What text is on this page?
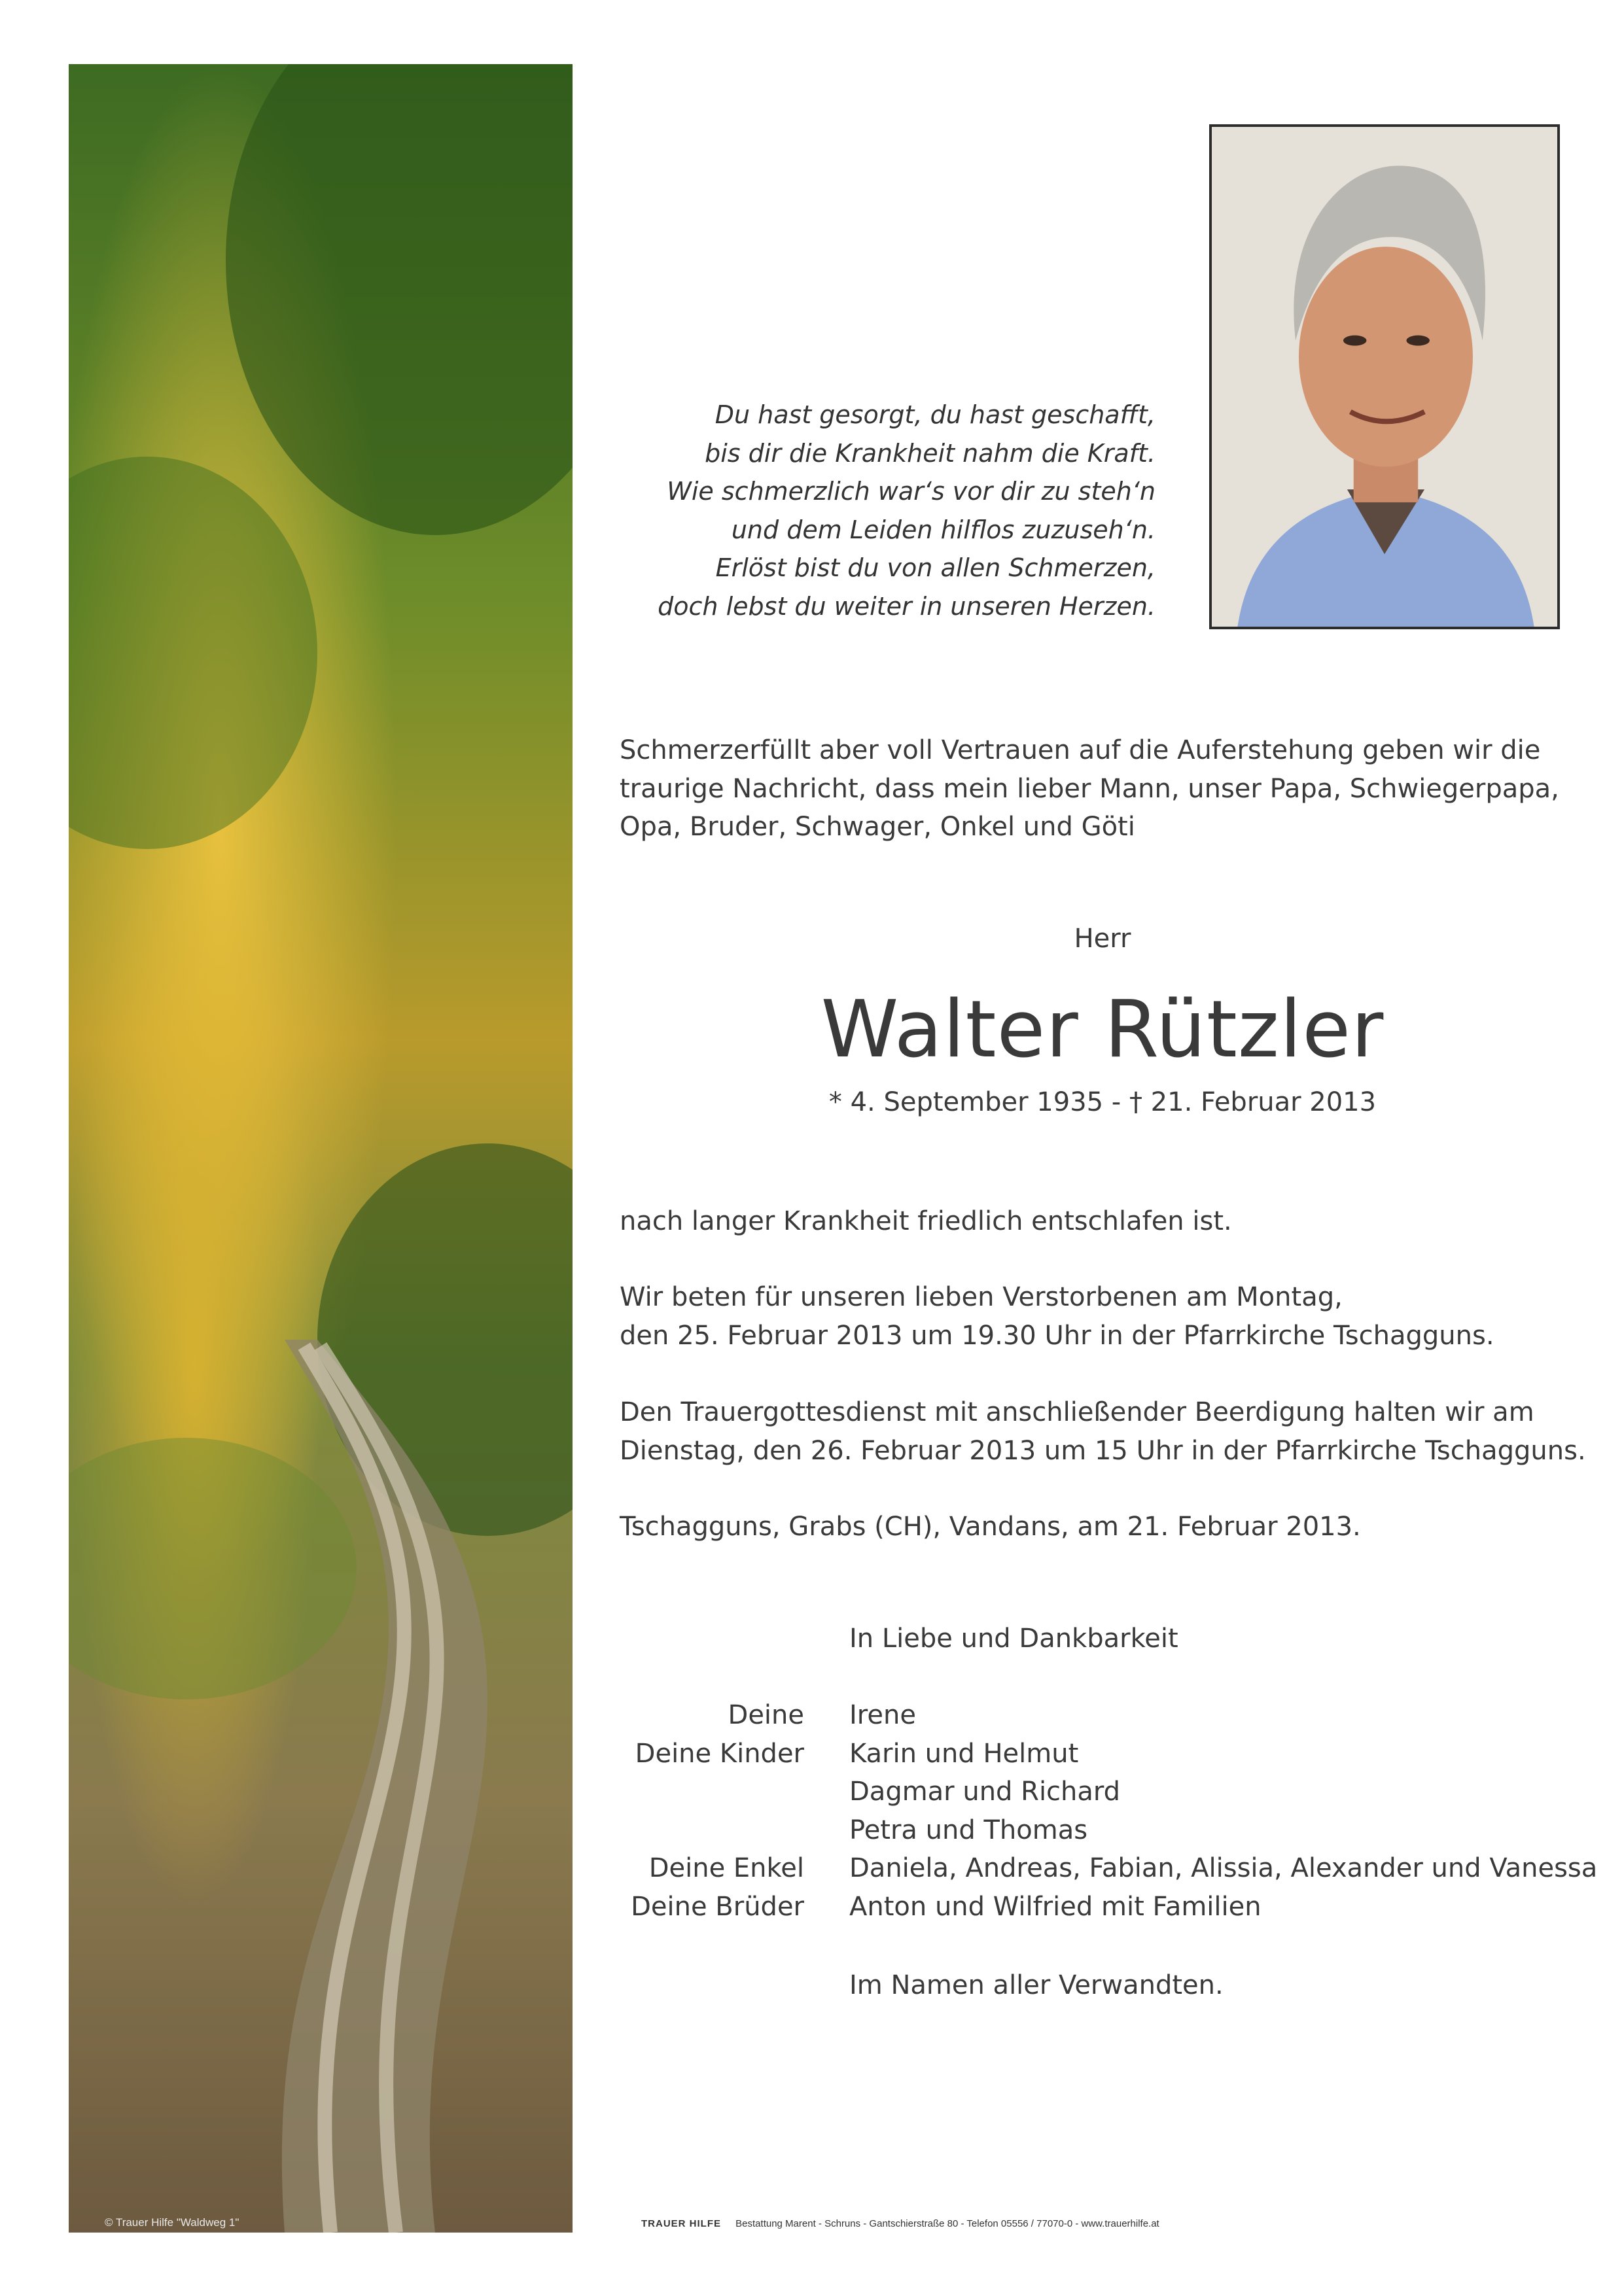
© Trauer Hilfe "Waldweg 1"
Du hast gesorgt, du hast geschafft,
bis dir die Krankheit nahm die Kraft.
Wie schmerzlich war‘s vor dir zu steh‘n
und dem Leiden hilflos zuzuseh‘n.
Erlöst bist du von allen Schmerzen,
doch lebst du weiter in unseren Herzen.
Schmerzerfüllt aber voll Vertrauen auf die Auferstehung geben wir die
traurige Nachricht, dass mein lieber Mann, unser Papa, Schwiegerpapa,
Opa, Bruder, Schwager, Onkel und Göti
Herr
Walter Rützler
* 4. September 1935 - † 21. Februar 2013
nach langer Krankheit friedlich entschlafen ist.
Wir beten für unseren lieben Verstorbenen am Montag,
den 25. Februar 2013 um 19.30 Uhr in der Pfarrkirche Tschagguns.
Den Trauergottesdienst mit anschließender Beerdigung halten wir am
Dienstag, den 26. Februar 2013 um 15 Uhr in der Pfarrkirche Tschagguns.
Tschagguns, Grabs (CH), Vandans, am 21. Februar 2013.
In Liebe und Dankbarkeit
Deine Irene
Deine Kinder Karin und Helmut
Dagmar und Richard
Petra und Thomas
Deine Enkel Daniela, Andreas, Fabian, Alissia, Alexander und Vanessa
Deine Brüder Anton und Wilfried mit Familien
Im Namen aller Verwandten.
TRAUER HILFE Bestattung Marent - Schruns - Gantschierstraße 80 - Telefon 05556 / 77070-0 - www.trauerhilfe.at
